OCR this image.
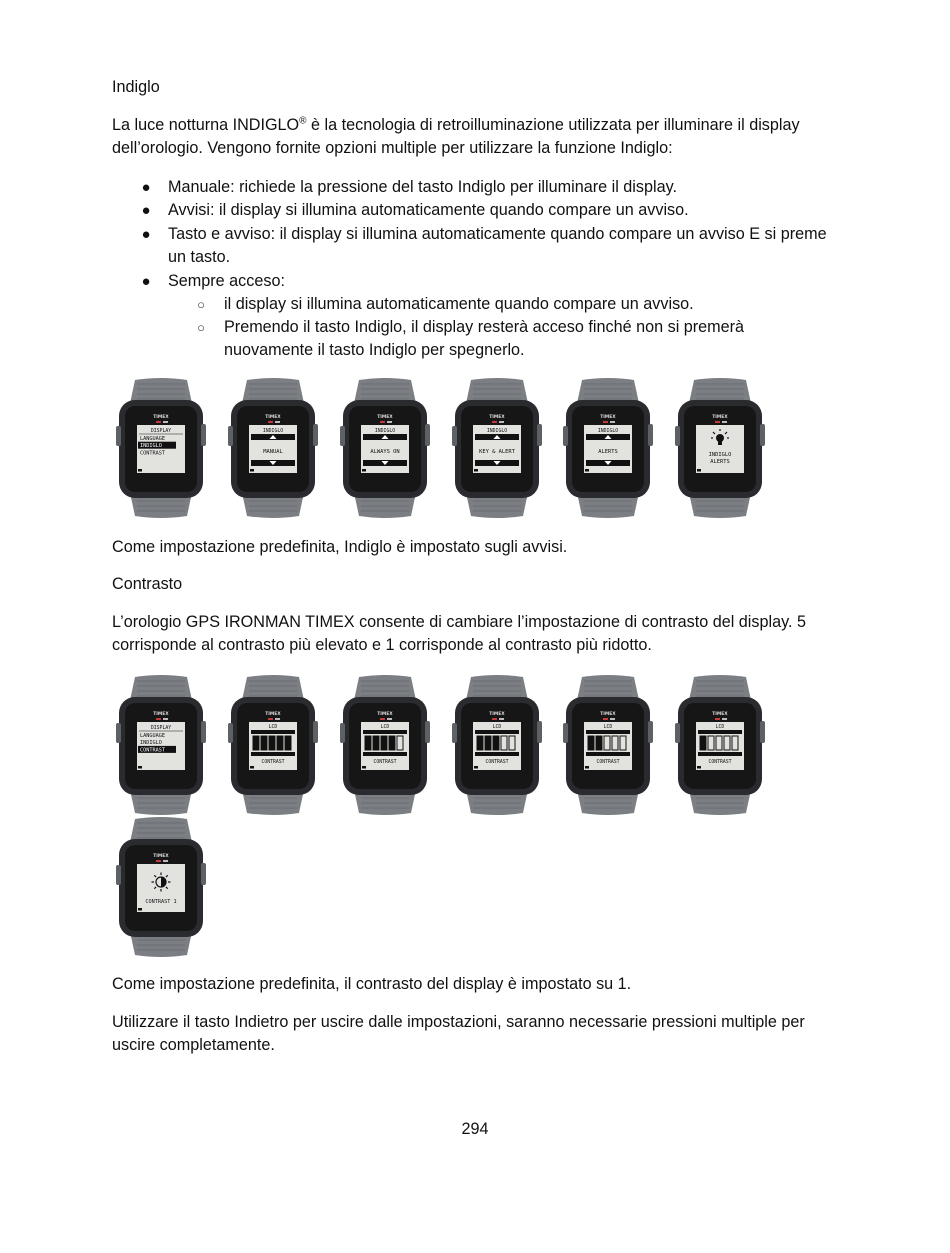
Indiglo

La luce notturna INDIGLO® è la tecnologia di retroilluminazione utilizzata per illuminare il display dell’orologio. Vengono fornite opzioni multiple per utilizzare la funzione Indiglo:

● Manuale: richiede la pressione del tasto Indiglo per illuminare il display.
● Avvisi: il display si illumina automaticamente quando compare un avviso.
● Tasto e avviso: il display si illumina automaticamente quando compare un avviso E si preme un tasto.
● Sempre acceso:
○ il display si illumina automaticamente quando compare un avviso.
○ Premendo il tasto Indiglo, il display resterà acceso finché non si premerà nuovamente il tasto Indiglo per spegnerlo.
TIMEX
DISPLAY
LANGUAGE
INDIGLO
CONTRAST
TIMEX
INDIGLO
MANUAL
TIMEX
INDIGLO
ALWAYS ON
TIMEX
INDIGLO
KEY & ALERT
TIMEX
INDIGLO
ALERTS
TIMEX
INDIGLO
ALERTS

Come impostazione predefinita, Indiglo è impostato sugli avvisi.

Contrasto

L’orologio GPS IRONMAN TIMEX consente di cambiare l’impostazione di contrasto del display. 5 corrisponde al contrasto più elevato e 1 corrisponde al contrasto più ridotto.

TIMEX
DISPLAY
LANGUAGE
INDIGLO
CONTRAST
TIMEX
LCD
CONTRAST
TIMEX
LCD
CONTRAST
TIMEX
LCD
CONTRAST
TIMEX
LCD
CONTRAST
TIMEX
LCD
CONTRAST
TIMEX
CONTRAST 1

Come impostazione predefinita, il contrasto del display è impostato su 1.

Utilizzare il tasto Indietro per uscire dalle impostazioni, saranno necessarie pressioni multiple per uscire completamente.

294
